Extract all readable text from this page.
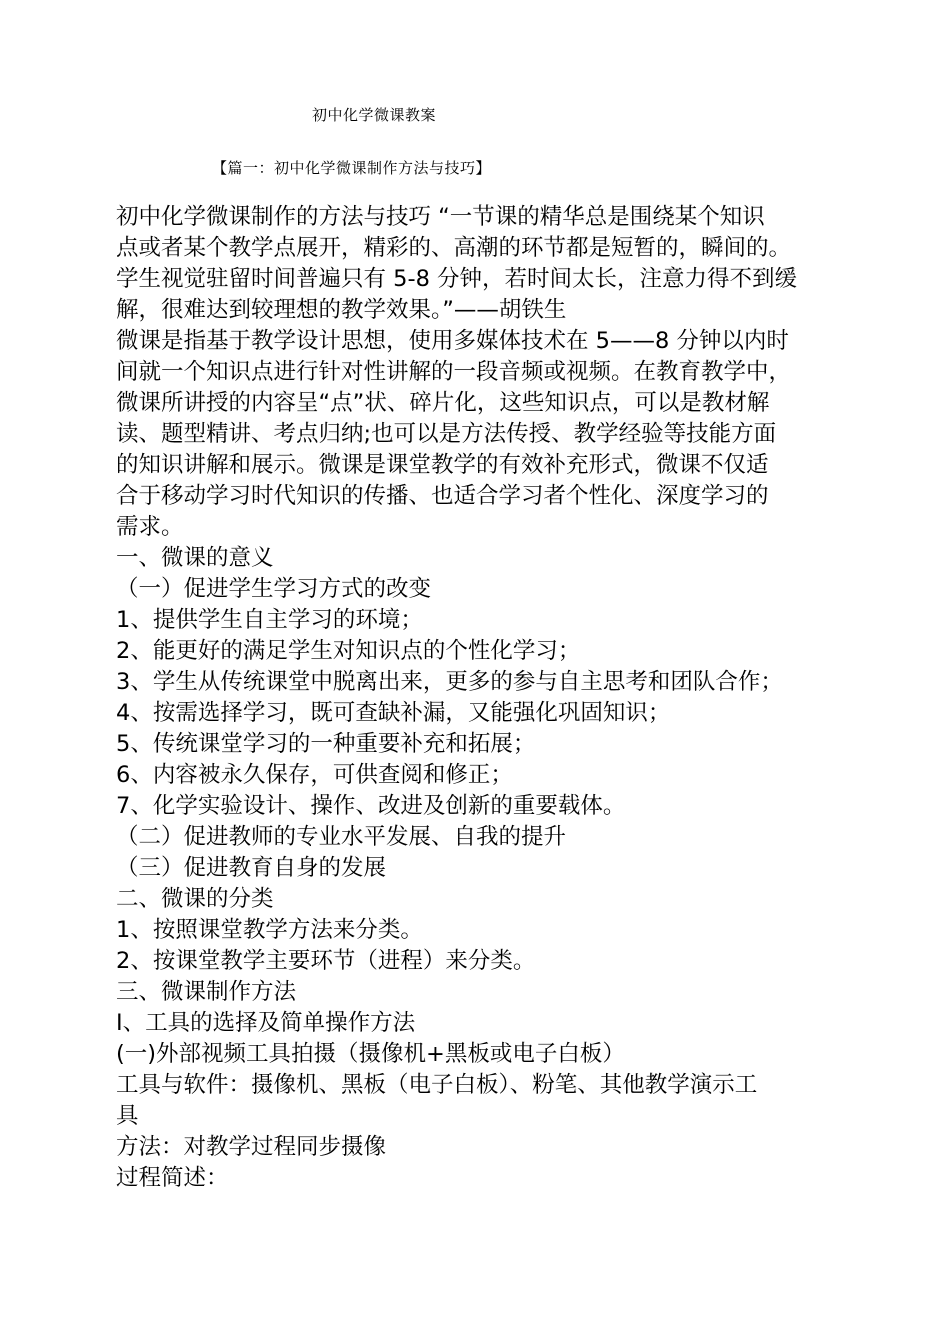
初中化学微课教案
【篇一：初中化学微课制作方法与技巧】

初中化学微课制作的方法与技巧 “一节课的精华总是围绕某个知识

点或者某个教学点展开，精彩的、高潮的环节都是短暂的，瞬间的。

学生视觉驻留时间普遍只有 5-8 分钟，若时间太长，注意力得不到缓

解，很难达到较理想的教学效果。”——胡铁生

微课是指基于教学设计思想，使用多媒体技术在 5——8 分钟以内时

间就一个知识点进行针对性讲解的一段音频或视频。在教育教学中，

微课所讲授的内容呈“点”状、碎片化，这些知识点，可以是教材解

读、题型精讲、考点归纳;也可以是方法传授、教学经验等技能方面

的知识讲解和展示。微课是课堂教学的有效补充形式，微课不仅适

合于移动学习时代知识的传播、也适合学习者个性化、深度学习的

需求。

一、微课的意义

（一）促进学生学习方式的改变

1、提供学生自主学习的环境；

2、能更好的满足学生对知识点的个性化学习；

3、学生从传统课堂中脱离出来，更多的参与自主思考和团队合作；

4、按需选择学习，既可查缺补漏，又能强化巩固知识；

5、传统课堂学习的一种重要补充和拓展；

6、内容被永久保存，可供查阅和修正；

7、化学实验设计、操作、改进及创新的重要载体。

（二）促进教师的专业水平发展、自我的提升

（三）促进教育自身的发展

二、微课的分类

1、按照课堂教学方法来分类。

2、按课堂教学主要环节（进程）来分类。

三、微课制作方法

Ⅰ、工具的选择及简单操作方法

(一)外部视频工具拍摄（摄像机+黑板或电子白板）

工具与软件：摄像机、黑板（电子白板）、粉笔、其他教学演示工

具

方法：对教学过程同步摄像

过程简述：
